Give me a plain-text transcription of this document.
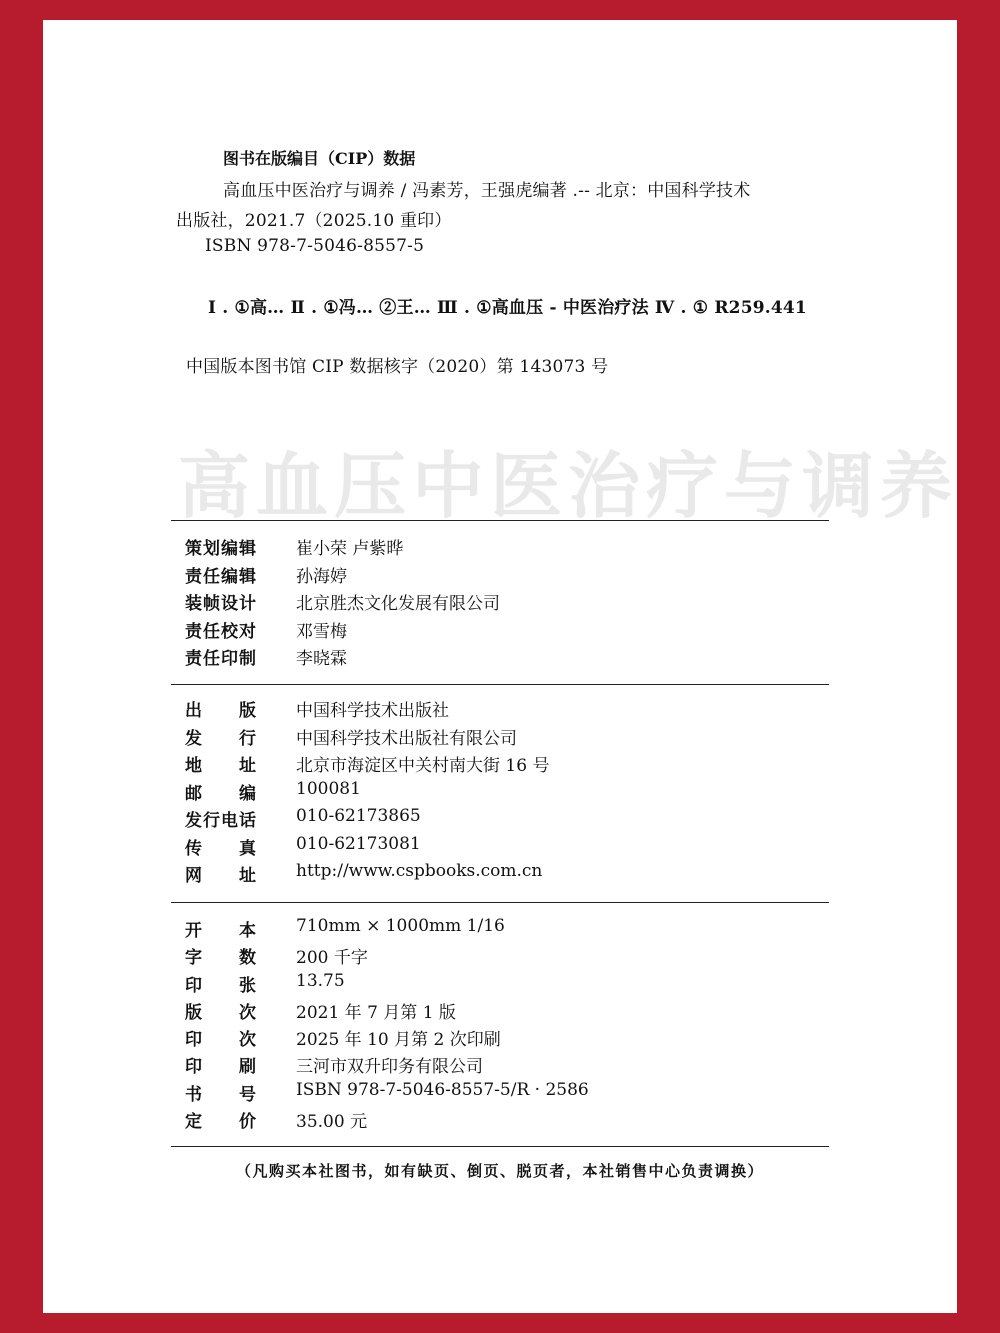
图书在版编目（CIP）数据
高血压中医治疗与调养 / 冯素芳，王强虎编著 .-- 北京：中国科学技术
出版社，2021.7（2025.10 重印）
ISBN 978-7-5046-8557-5
Ⅰ . ①高… Ⅱ . ①冯… ②王… Ⅲ . ①高血压 - 中医治疗法 Ⅳ . ① R259.441
中国版本图书馆 CIP 数据核字（2020）第 143073 号
高血压中医治疗与调养
策划编辑 崔小荣 卢紫晔
责任编辑 孙海婷
装帧设计 北京胜杰文化发展有限公司
责任校对 邓雪梅
责任印制 李晓霖
出 版 中国科学技术出版社
发 行 中国科学技术出版社有限公司
地 址 北京市海淀区中关村南大街 16 号
邮 编 100081
发行电话 010-62173865
传 真 010-62173081
网 址 http://www.cspbooks.com.cn
开 本 710mm × 1000mm 1/16
字 数 200 千字
印 张 13.75
版 次 2021 年 7 月第 1 版
印 次 2025 年 10 月第 2 次印刷
印 刷 三河市双升印务有限公司
书 号 ISBN 978-7-5046-8557-5/R · 2586
定 价 35.00 元
（凡购买本社图书，如有缺页、倒页、脱页者，本社销售中心负责调换）
